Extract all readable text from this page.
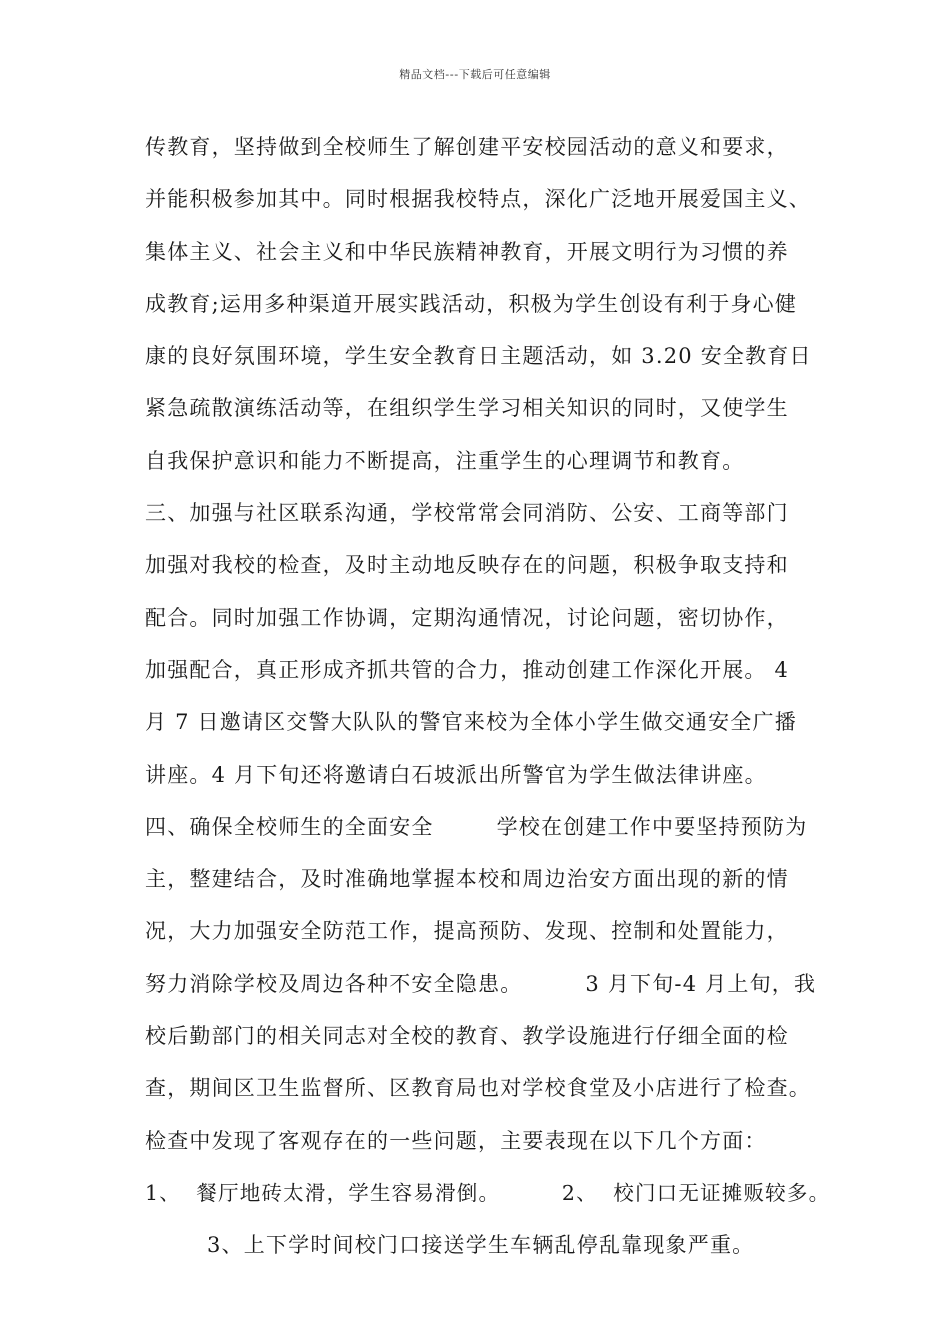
精品文档---下载后可任意编辑
传教育，坚持做到全校师生了解创建平安校园活动的意义和要求，
并能积极参加其中。同时根据我校特点，深化广泛地开展爱国主义、
集体主义、社会主义和中华民族精神教育，开展文明行为习惯的养
成教育;运用多种渠道开展实践活动，积极为学生创设有利于身心健
康的良好氛围环境，学生安全教育日主题活动，如 3.20 安全教育日
紧急疏散演练活动等，在组织学生学习相关知识的同时，又使学生
自我保护意识和能力不断提高，注重学生的心理调节和教育。
三、加强与社区联系沟通，学校常常会同消防、公安、工商等部门
加强对我校的检查，及时主动地反映存在的问题，积极争取支持和
配合。同时加强工作协调，定期沟通情况，讨论问题，密切协作，
加强配合，真正形成齐抓共管的合力，推动创建工作深化开展。 4
月 7 日邀请区交警大队队的警官来校为全体小学生做交通安全广播
讲座。4 月下旬还将邀请白石坡派出所警官为学生做法律讲座。
四、确保全校师生的全面安全        学校在创建工作中要坚持预防为
主，整建结合，及时准确地掌握本校和周边治安方面出现的新的情
况，大力加强安全防范工作，提高预防、发现、控制和处置能力，
努力消除学校及周边各种不安全隐患。        3 月下旬-4 月上旬，我
校后勤部门的相关同志对全校的教育、教学设施进行仔细全面的检
查，期间区卫生监督所、区教育局也对学校食堂及小店进行了检查。
检查中发现了客观存在的一些问题，主要表现在以下几个方面：
1、  餐厅地砖太滑，学生容易滑倒。        2、  校门口无证摊贩较多。
3、上下学时间校门口接送学生车辆乱停乱靠现象严重。
